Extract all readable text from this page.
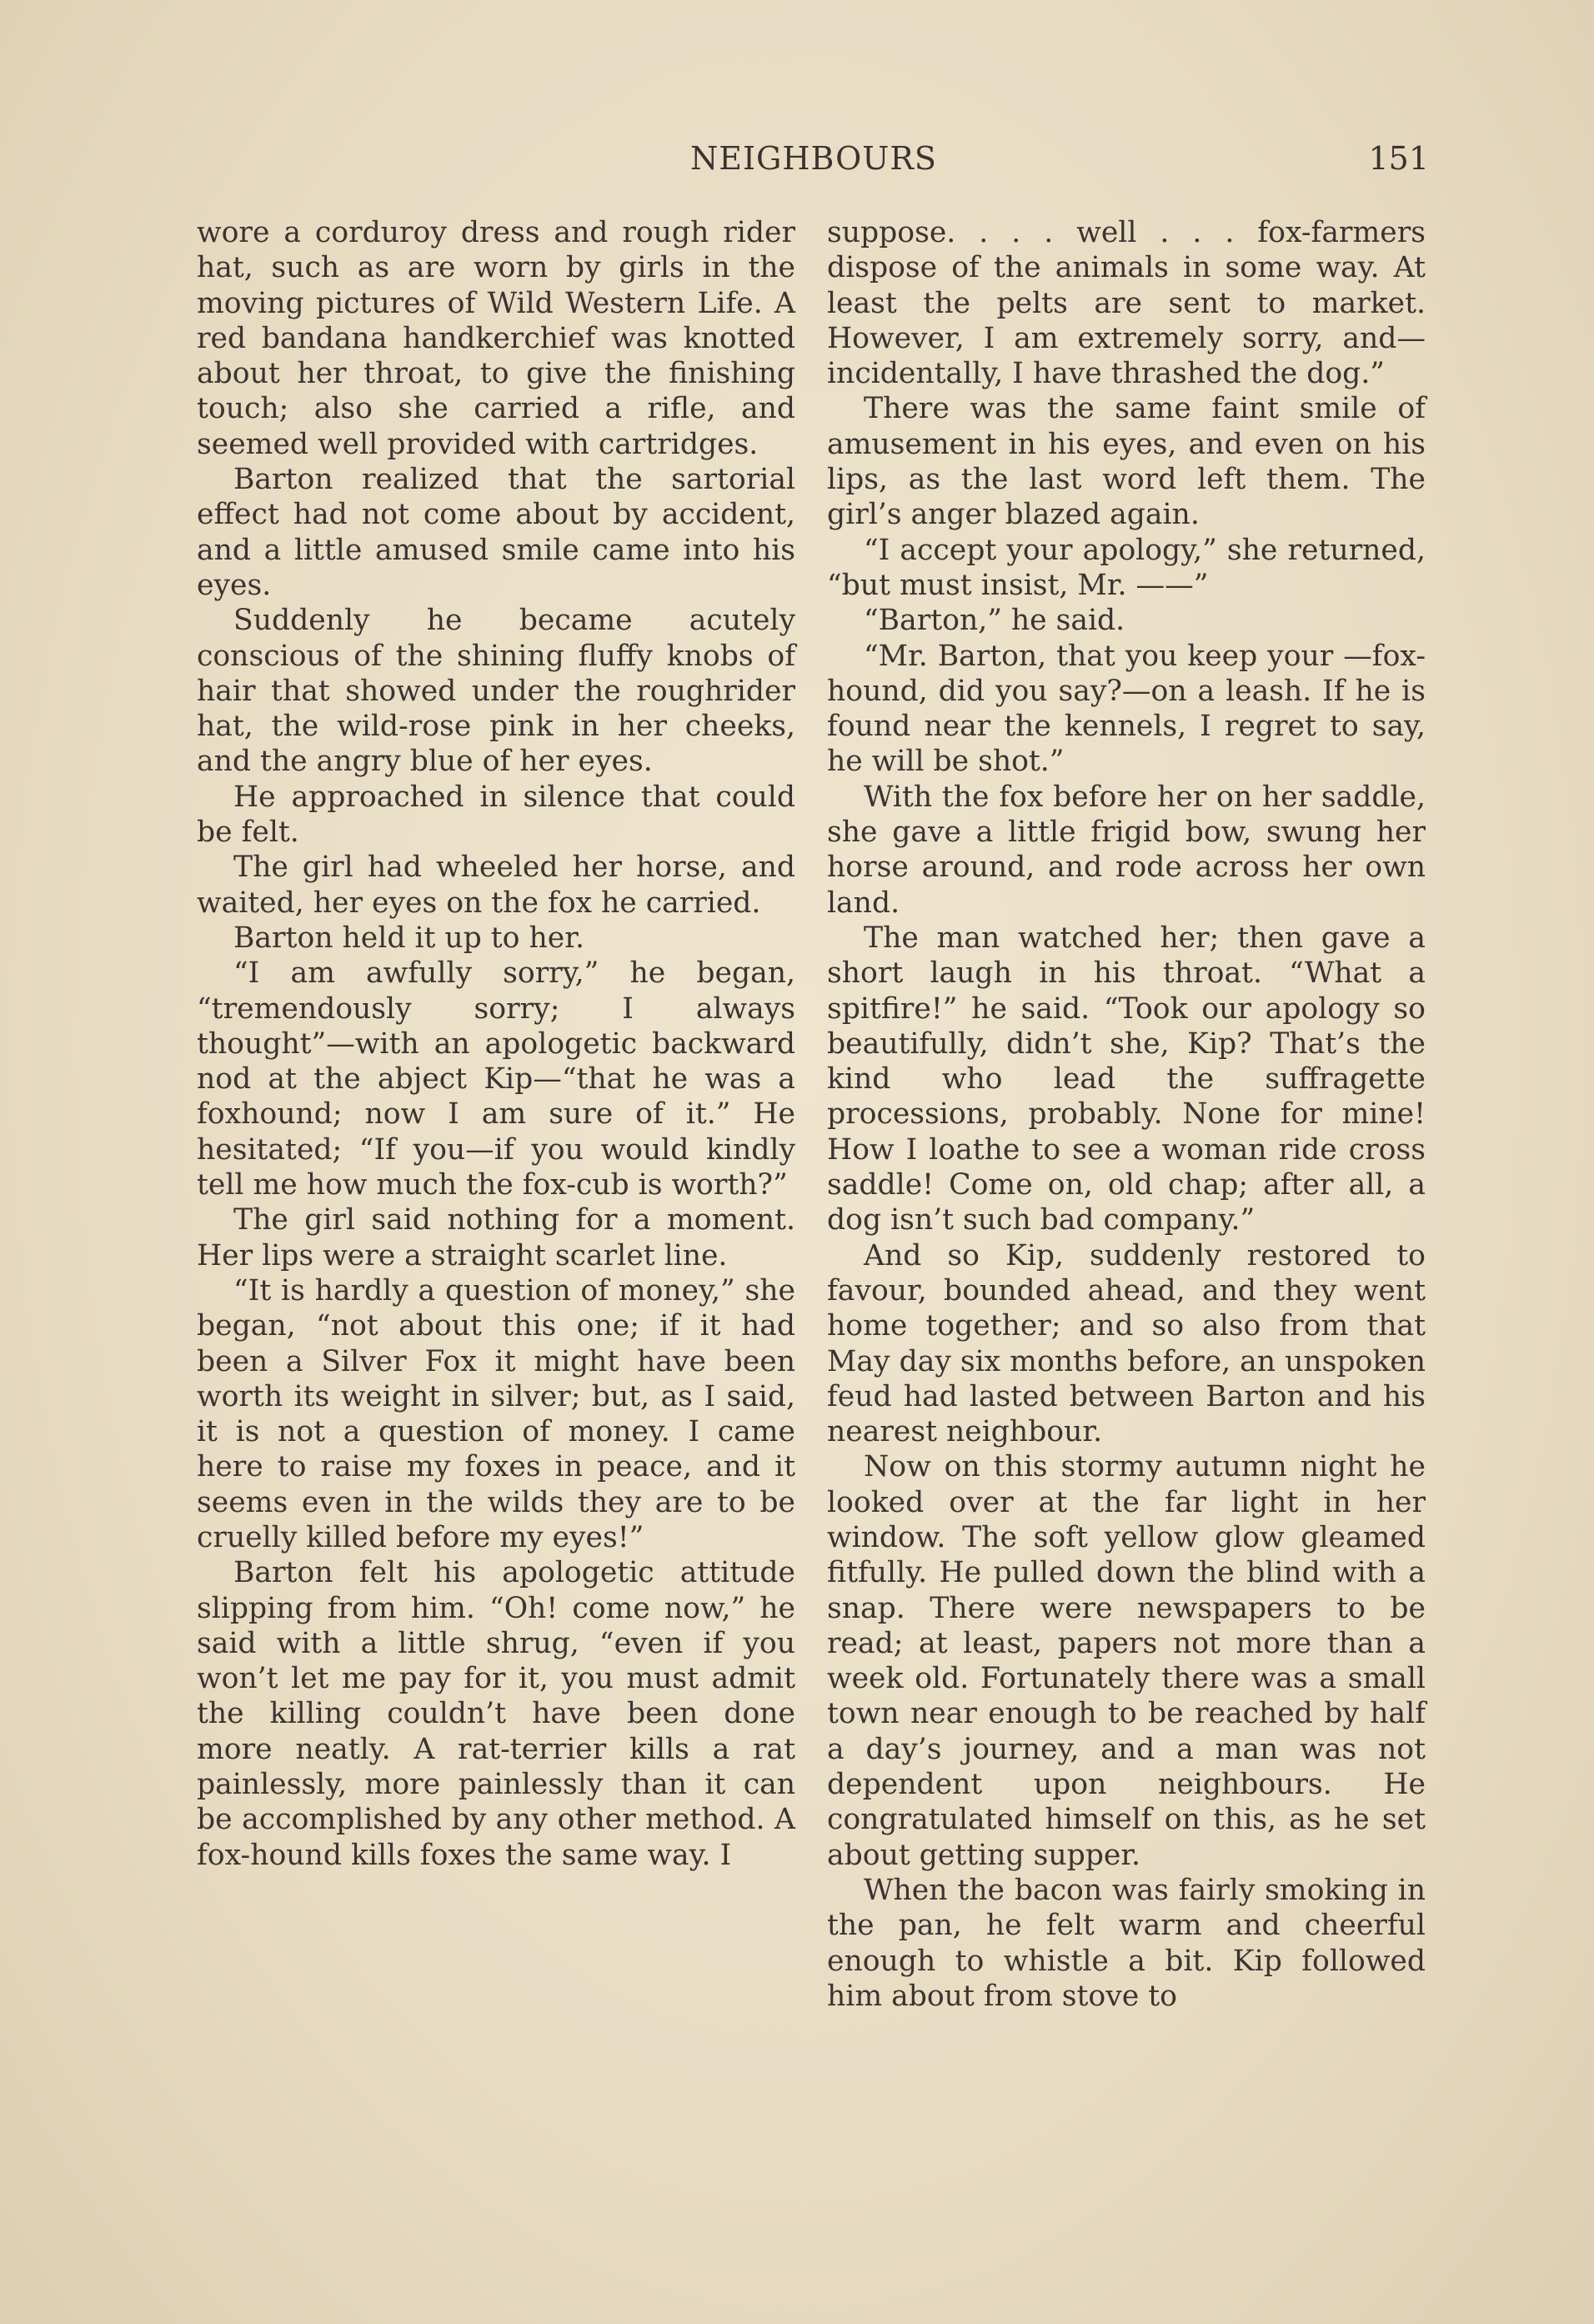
NEIGHBOURS	151

wore a corduroy dress and rough rider hat, such as are worn by girls in the moving pictures of Wild Western Life. A red bandana handkerchief was knotted about her throat, to give the finishing touch; also she carried a rifle, and seemed well provided with cartridges.

Barton realized that the sartorial effect had not come about by accident, and a little amused smile came into his eyes.

Suddenly he became acutely conscious of the shining fluffy knobs of hair that showed under the roughrider hat, the wild-rose pink in her cheeks, and the angry blue of her eyes.

He approached in silence that could be felt.

The girl had wheeled her horse, and waited, her eyes on the fox he carried.

Barton held it up to her.

“I am awfully sorry,” he began, “tremendously sorry; I always thought”—with an apologetic backward nod at the abject Kip—“that he was a foxhound; now I am sure of it.” He hesitated; “If you—if you would kindly tell me how much the fox-cub is worth?”

The girl said nothing for a moment. Her lips were a straight scarlet line.

“It is hardly a question of money,” she began, “not about this one; if it had been a Silver Fox it might have been worth its weight in silver; but, as I said, it is not a question of money. I came here to raise my foxes in peace, and it seems even in the wilds they are to be cruelly killed before my eyes!”

Barton felt his apologetic attitude slipping from him. “Oh! come now,” he said with a little shrug, “even if you won’t let me pay for it, you must admit the killing couldn’t have been done more neatly. A rat-terrier kills a rat painlessly, more painlessly than it can be accomplished by any other method. A fox-hound kills foxes the same way. I

suppose. . . . well . . . fox-farmers dispose of the animals in some way. At least the pelts are sent to market. However, I am extremely sorry, and—incidentally, I have thrashed the dog.”

There was the same faint smile of amusement in his eyes, and even on his lips, as the last word left them. The girl’s anger blazed again.

“I accept your apology,” she returned, “but must insist, Mr. ——”

“Barton,” he said.

“Mr. Barton, that you keep your —fox-hound, did you say?—on a leash. If he is found near the kennels, I regret to say, he will be shot.”

With the fox before her on her saddle, she gave a little frigid bow, swung her horse around, and rode across her own land.

The man watched her; then gave a short laugh in his throat. “What a spitfire!” he said. “Took our apology so beautifully, didn’t she, Kip? That’s the kind who lead the suffragette processions, probably. None for mine! How I loathe to see a woman ride cross saddle! Come on, old chap; after all, a dog isn’t such bad company.”

And so Kip, suddenly restored to favour, bounded ahead, and they went home together; and so also from that May day six months before, an unspoken feud had lasted between Barton and his nearest neighbour.

Now on this stormy autumn night he looked over at the far light in her window. The soft yellow glow gleamed fitfully. He pulled down the blind with a snap. There were newspapers to be read; at least, papers not more than a week old. Fortunately there was a small town near enough to be reached by half a day’s journey, and a man was not dependent upon neighbours. He congratulated himself on this, as he set about getting supper.

When the bacon was fairly smoking in the pan, he felt warm and cheerful enough to whistle a bit. Kip followed him about from stove to
